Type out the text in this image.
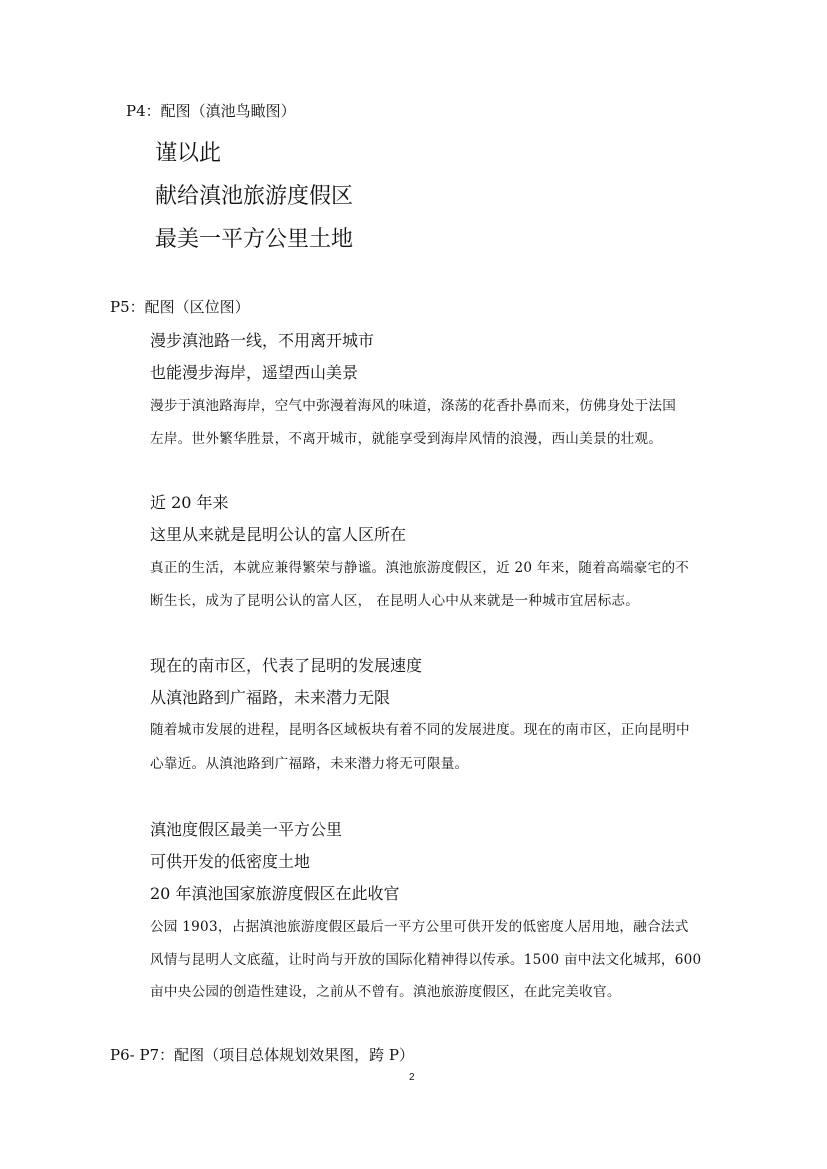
P4：配图（滇池鸟瞰图）
谨以此
献给滇池旅游度假区
最美一平方公里土地
P5：配图（区位图）
漫步滇池路一线，不用离开城市
也能漫步海岸，遥望西山美景
漫步于滇池路海岸，空气中弥漫着海风的味道，涤荡的花香扑鼻而来，仿佛身处于法国
左岸。世外繁华胜景，不离开城市，就能享受到海岸风情的浪漫，西山美景的壮观。
近 20 年来
这里从来就是昆明公认的富人区所在
真正的生活，本就应兼得繁荣与静谧。滇池旅游度假区，近 20 年来，随着高端豪宅的不
断生长，成为了昆明公认的富人区， 在昆明人心中从来就是一种城市宜居标志。
现在的南市区，代表了昆明的发展速度
从滇池路到广福路，未来潜力无限
随着城市发展的进程，昆明各区域板块有着不同的发展进度。现在的南市区，正向昆明中
心靠近。从滇池路到广福路，未来潜力将无可限量。
滇池度假区最美一平方公里
可供开发的低密度土地
20 年滇池国家旅游度假区在此收官
公园 1903，占据滇池旅游度假区最后一平方公里可供开发的低密度人居用地，融合法式
风情与昆明人文底蕴，让时尚与开放的国际化精神得以传承。1500 亩中法文化城邦，600
亩中央公园的创造性建设，之前从不曾有。滇池旅游度假区，在此完美收官。
P6- P7：配图（项目总体规划效果图，跨 P）
2
